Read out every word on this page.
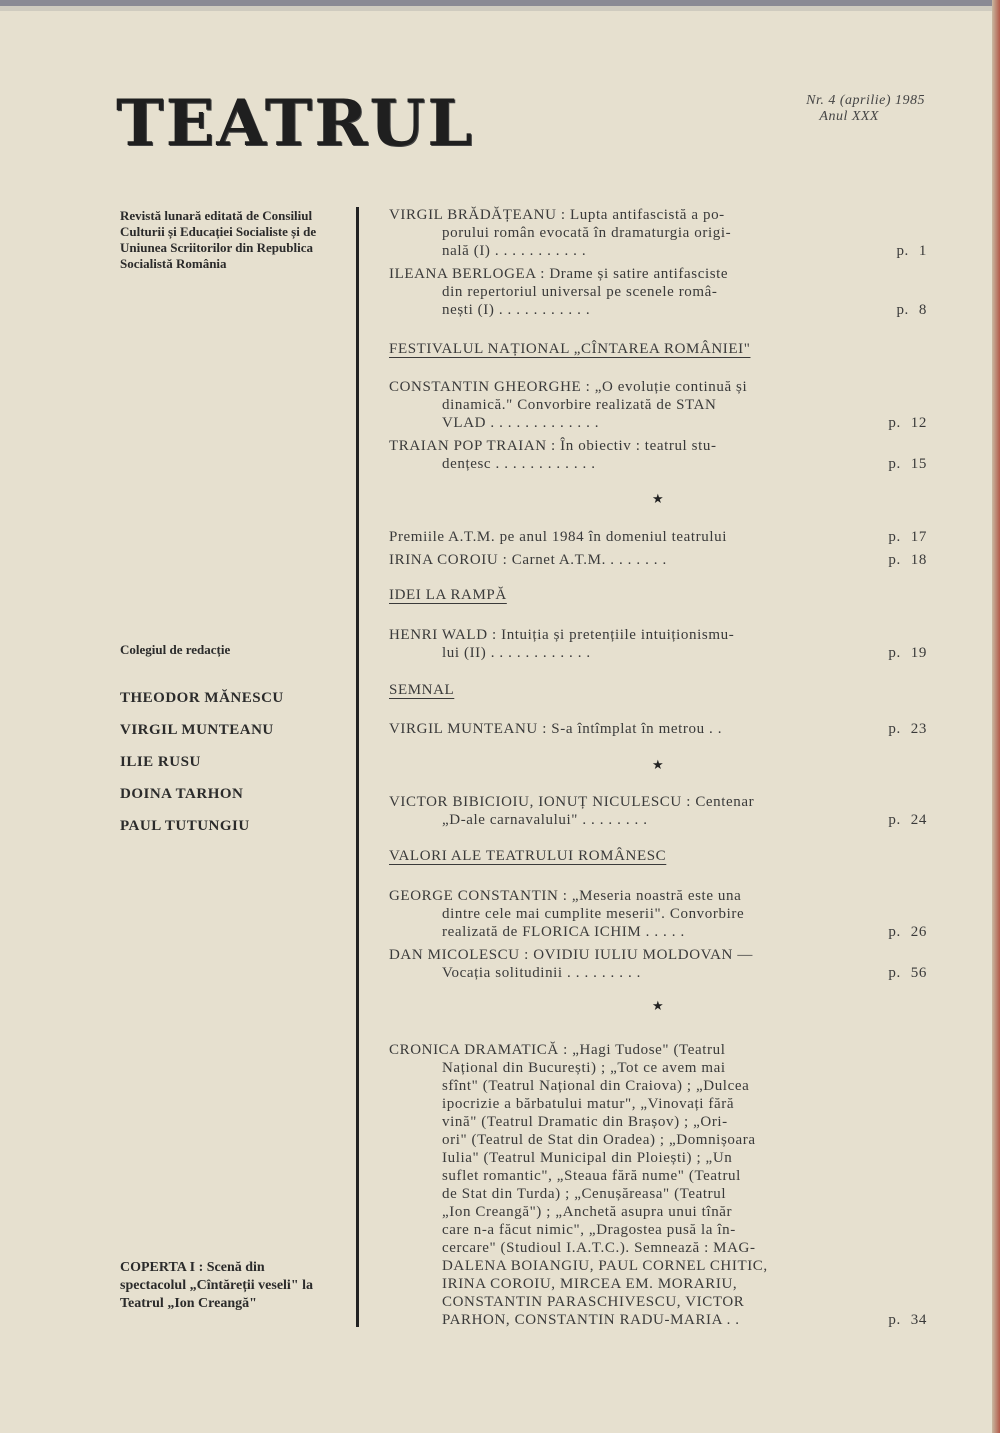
TEATRUL	Nr. 4 (aprilie) 1985
Anul XXX
Revistă lunară editată de Consiliul Culturii și Educației Socialiste și de Uniunea Scriitorilor din Republica Socialistă România
Colegiul de redacție
THEODOR MĂNESCU
VIRGIL MUNTEANU
ILIE RUSU
DOINA TARHON
PAUL TUTUNGIU
COPERTA I : Scenă din spectacolul „Cîntăreții veseli" la Teatrul „Ion Creangă"
VIRGIL BRĂDĂȚEANU : Lupta antifascistă a po-
porului român evocată în dramaturgia origi-
nală (I) . . . . . . . . . . .	p. 1
ILEANA BERLOGEA : Drame și satire antifasciste
din repertoriul universal pe scenele româ-
nești (I) . . . . . . . . . . .	p. 8
FESTIVALUL NAȚIONAL „CÎNTAREA ROMÂNIEI"
CONSTANTIN GHEORGHE : „O evoluție continuă și
dinamică." Convorbire realizată de STAN
VLAD . . . . . . . . . . . . .	p. 12
TRAIAN POP TRAIAN : În obiectiv : teatrul stu-
dențesc . . . . . . . . . . . .	p. 15
★
Premiile A.T.M. pe anul 1984 în domeniul teatrului	p. 17
IRINA COROIU : Carnet A.T.M. . . . . . . .	p. 18
IDEI LA RAMPĂ
HENRI WALD : Intuiția și pretențiile intuiționismu-
lui (II) . . . . . . . . . . . .	p. 19
SEMNAL
VIRGIL MUNTEANU : S-a întîmplat în metrou . .	p. 23
★
VICTOR BIBICIOIU, IONUȚ NICULESCU : Centenar
„D-ale carnavalului" . . . . . . . .	p. 24
VALORI ALE TEATRULUI ROMÂNESC
GEORGE CONSTANTIN : „Meseria noastră este una
dintre cele mai cumplite meserii". Convorbire
realizată de FLORICA ICHIM . . . . .	p. 26
DAN MICOLESCU : OVIDIU IULIU MOLDOVAN —
Vocația solitudinii . . . . . . . . .	p. 56
★
CRONICA DRAMATICĂ : „Hagi Tudose" (Teatrul
Național din București) ; „Tot ce avem mai
sfînt" (Teatrul Național din Craiova) ; „Dulcea
ipocrizie a bărbatului matur", „Vinovați fără
vină" (Teatrul Dramatic din Brașov) ; „Ori-
ori" (Teatrul de Stat din Oradea) ; „Domnișoara
Iulia" (Teatrul Municipal din Ploiești) ; „Un
suflet romantic", „Steaua fără nume" (Teatrul
de Stat din Turda) ; „Cenușăreasa" (Teatrul
„Ion Creangă") ; „Anchetă asupra unui tînăr
care n-a făcut nimic", „Dragostea pusă la în-
cercare" (Studioul I.A.T.C.). Semnează : MAG-
DALENA BOIANGIU, PAUL CORNEL CHITIC,
IRINA COROIU, MIRCEA EM. MORARIU,
CONSTANTIN PARASCHIVESCU, VICTOR
PARHON, CONSTANTIN RADU-MARIA . .	p. 34
